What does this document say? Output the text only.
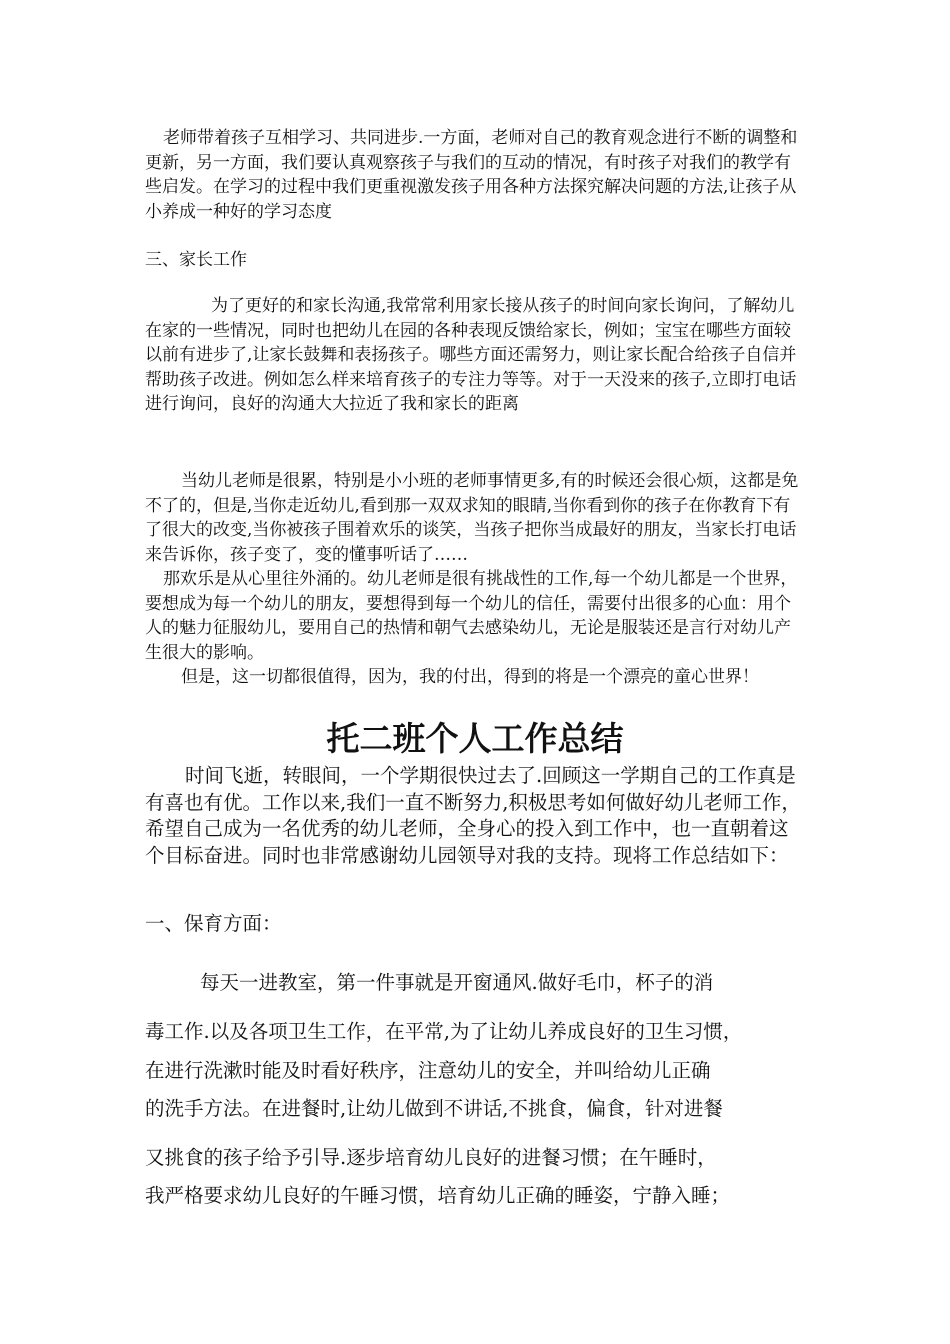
老师带着孩子互相学习、共同进步.一方面，老师对自己的教育观念进行不断的调整和更新，另一方面，我们要认真观察孩子与我们的互动的情况，有时孩子对我们的教学有些启发。在学习的过程中我们更重视激发孩子用各种方法探究解决问题的方法,让孩子从小养成一种好的学习态度

三、家长工作

为了更好的和家长沟通,我常常利用家长接从孩子的时间向家长询问，了解幼儿在家的一些情况，同时也把幼儿在园的各种表现反馈给家长，例如；宝宝在哪些方面较以前有进步了,让家长鼓舞和表扬孩子。哪些方面还需努力，则让家长配合给孩子自信并帮助孩子改进。例如怎么样来培育孩子的专注力等等。对于一天没来的孩子,立即打电话进行询问，良好的沟通大大拉近了我和家长的距离

当幼儿老师是很累，特别是小小班的老师事情更多,有的时候还会很心烦，这都是免不了的，但是,当你走近幼儿,看到那一双双求知的眼睛,当你看到你的孩子在你教育下有了很大的改变,当你被孩子围着欢乐的谈笑，当孩子把你当成最好的朋友，当家长打电话来告诉你，孩子变了，变的懂事听话了……

那欢乐是从心里往外涌的。幼儿老师是很有挑战性的工作,每一个幼儿都是一个世界，要想成为每一个幼儿的朋友，要想得到每一个幼儿的信任，需要付出很多的心血：用个人的魅力征服幼儿，要用自己的热情和朝气去感染幼儿，无论是服装还是言行对幼儿产生很大的影响。

但是，这一切都很值得，因为，我的付出，得到的将是一个漂亮的童心世界！

托二班个人工作总结

时间飞逝，转眼间，一个学期很快过去了.回顾这一学期自己的工作真是有喜也有优。工作以来,我们一直不断努力,积极思考如何做好幼儿老师工作，希望自己成为一名优秀的幼儿老师，全身心的投入到工作中，也一直朝着这个目标奋进。同时也非常感谢幼儿园领导对我的支持。现将工作总结如下：

一、保育方面：

每天一进教室，第一件事就是开窗通风.做好毛巾，杯子的消

毒工作.以及各项卫生工作，在平常,为了让幼儿养成良好的卫生习惯，

在进行洗漱时能及时看好秩序，注意幼儿的安全，并叫给幼儿正确

的洗手方法。在进餐时,让幼儿做到不讲话,不挑食，偏食，针对进餐

又挑食的孩子给予引导.逐步培育幼儿良好的进餐习惯；在午睡时，

我严格要求幼儿良好的午睡习惯，培育幼儿正确的睡姿，宁静入睡；
